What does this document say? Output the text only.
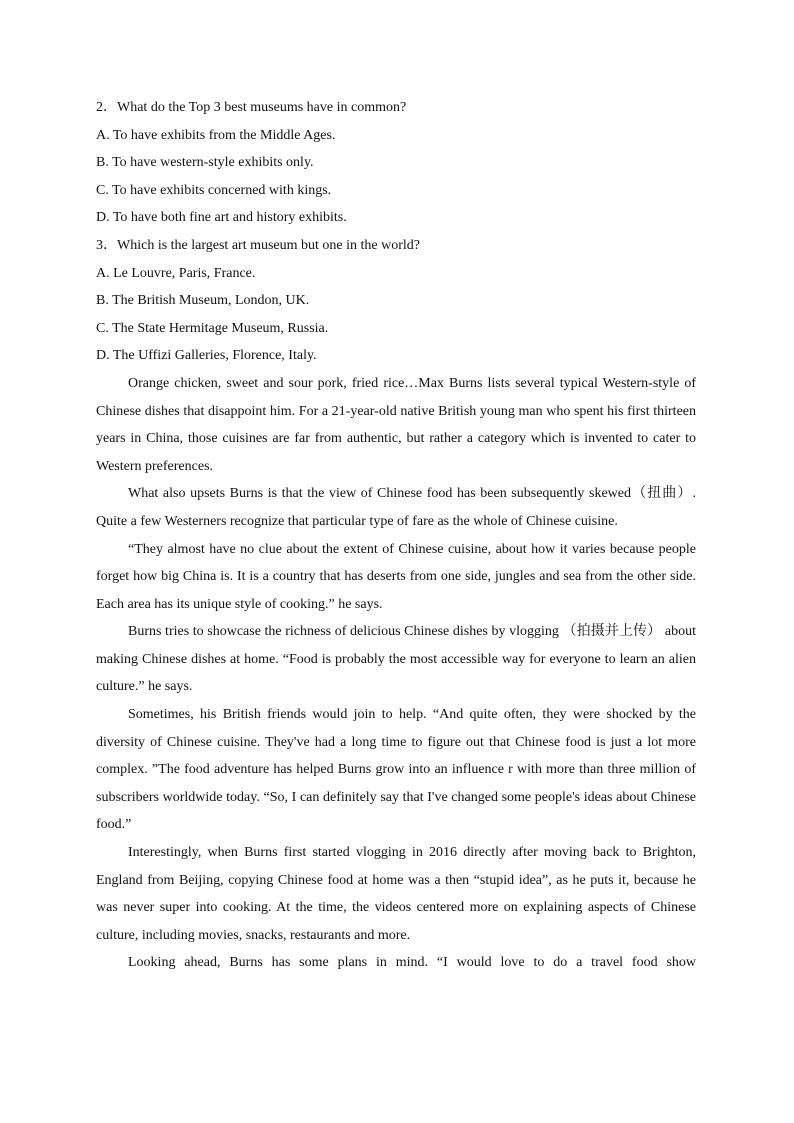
2．What do the Top 3 best museums have in common?

A. To have exhibits from the Middle Ages.

B. To have western-style exhibits only.

C. To have exhibits concerned with kings.

D. To have both fine art and history exhibits.

3．Which is the largest art museum but one in the world?

A. Le Louvre, Paris, France.

B. The British Museum, London, UK.

C. The State Hermitage Museum, Russia.

D. The Uffizi Galleries, Florence, Italy.

Orange chicken, sweet and sour pork, fried rice…Max Burns lists several typical Western-style of Chinese dishes that disappoint him. For a 21-year-old native British young man who spent his first thirteen years in China, those cuisines are far from authentic, but rather a category which is invented to cater to Western preferences.

What also upsets Burns is that the view of Chinese food has been subsequently skewed（扭曲）. Quite a few Westerners recognize that particular type of fare as the whole of Chinese cuisine.

“They almost have no clue about the extent of Chinese cuisine, about how it varies because people forget how big China is. It is a country that has deserts from one side, jungles and sea from the other side. Each area has its unique style of cooking.” he says.

Burns tries to showcase the richness of delicious Chinese dishes by vlogging （拍摄并上传） about making Chinese dishes at home. “Food is probably the most accessible way for everyone to learn an alien culture.” he says.

Sometimes, his British friends would join to help. “And quite often, they were shocked by the diversity of Chinese cuisine. They've had a long time to figure out that Chinese food is just a lot more complex. ”The food adventure has helped Burns grow into an influence r with more than three million of subscribers worldwide today. “So, I can definitely say that I've changed some people's ideas about Chinese food.”

Interestingly, when Burns first started vlogging in 2016 directly after moving back to Brighton, England from Beijing, copying Chinese food at home was a then “stupid idea”, as he puts it, because he was never super into cooking. At the time, the videos centered more on explaining aspects of Chinese culture, including movies, snacks, restaurants and more.

Looking ahead, Burns has some plans in mind. “I would love to do a travel food show
